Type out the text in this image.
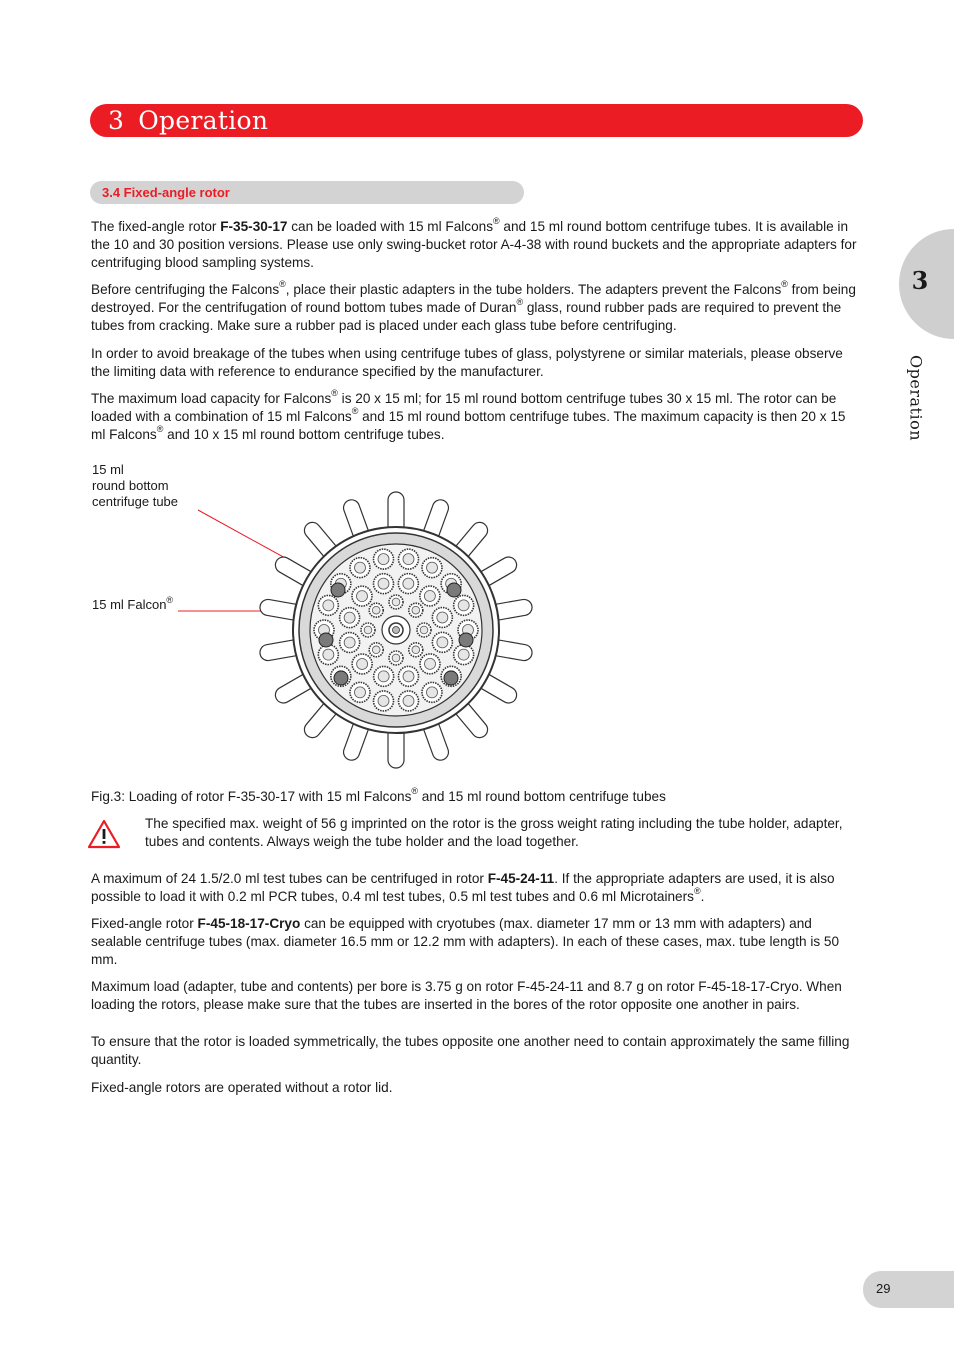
3 Operation
3
Operation
3.4 Fixed-angle rotor
The fixed-angle rotor F-35-30-17 can be loaded with 15 ml Falcons® and 15 ml round bottom centrifuge tubes. It is available in the 10 and 30 position versions. Please use only swing-bucket rotor A-4-38 with round buckets and the appropriate adapters for centrifuging blood sampling systems.
Before centrifuging the Falcons®, place their plastic adapters in the tube holders. The adapters prevent the Falcons® from being destroyed. For the centrifugation of round bottom tubes made of Duran® glass, round rubber pads are required to prevent the tubes from cracking. Make sure a rubber pad is placed under each glass tube before centrifuging.
In order to avoid breakage of the tubes when using centrifuge tubes of glass, polystyrene or similar materials, please observe the limiting data with reference to endurance specified by the manufacturer.
The maximum load capacity for Falcons® is 20 x 15 ml; for 15 ml round bottom centrifuge tubes 30 x 15 ml. The rotor can be loaded with a combination of 15 ml Falcons® and 15 ml round bottom centrifuge tubes. The maximum capacity is then 20 x 15 ml Falcons® and 10 x 15 ml round bottom centrifuge tubes.
15 ml
round bottom
centrifuge tube
15 ml Falcon®
Fig.3: Loading of rotor F-35-30-17 with 15 ml Falcons® and 15 ml round bottom centrifuge tubes
The specified max. weight of 56 g imprinted on the rotor is the gross weight rating including the tube holder, adapter, tubes and contents. Always weigh the tube holder and the load together.
A maximum of 24 1.5/2.0 ml test tubes can be centrifuged in rotor F-45-24-11. If the appropriate adapters are used, it is also possible to load it with 0.2 ml PCR tubes, 0.4 ml test tubes, 0.5 ml test tubes and 0.6 ml Microtainers®.
Fixed-angle rotor F-45-18-17-Cryo can be equipped with cryotubes (max. diameter 17 mm or 13 mm with adapters) and sealable centrifuge tubes (max. diameter 16.5 mm or 12.2 mm with adapters). In each of these cases, max. tube length is 50 mm.
Maximum load (adapter, tube and contents) per bore is 3.75 g on rotor F-45-24-11 and 8.7 g on rotor F-45-18-17-Cryo. When loading the rotors, please make sure that the tubes are inserted in the bores of the rotor opposite one another in pairs.
To ensure that the rotor is loaded symmetrically, the tubes opposite one another need to contain approximately the same filling quantity.
Fixed-angle rotors are operated without a rotor lid.
29
